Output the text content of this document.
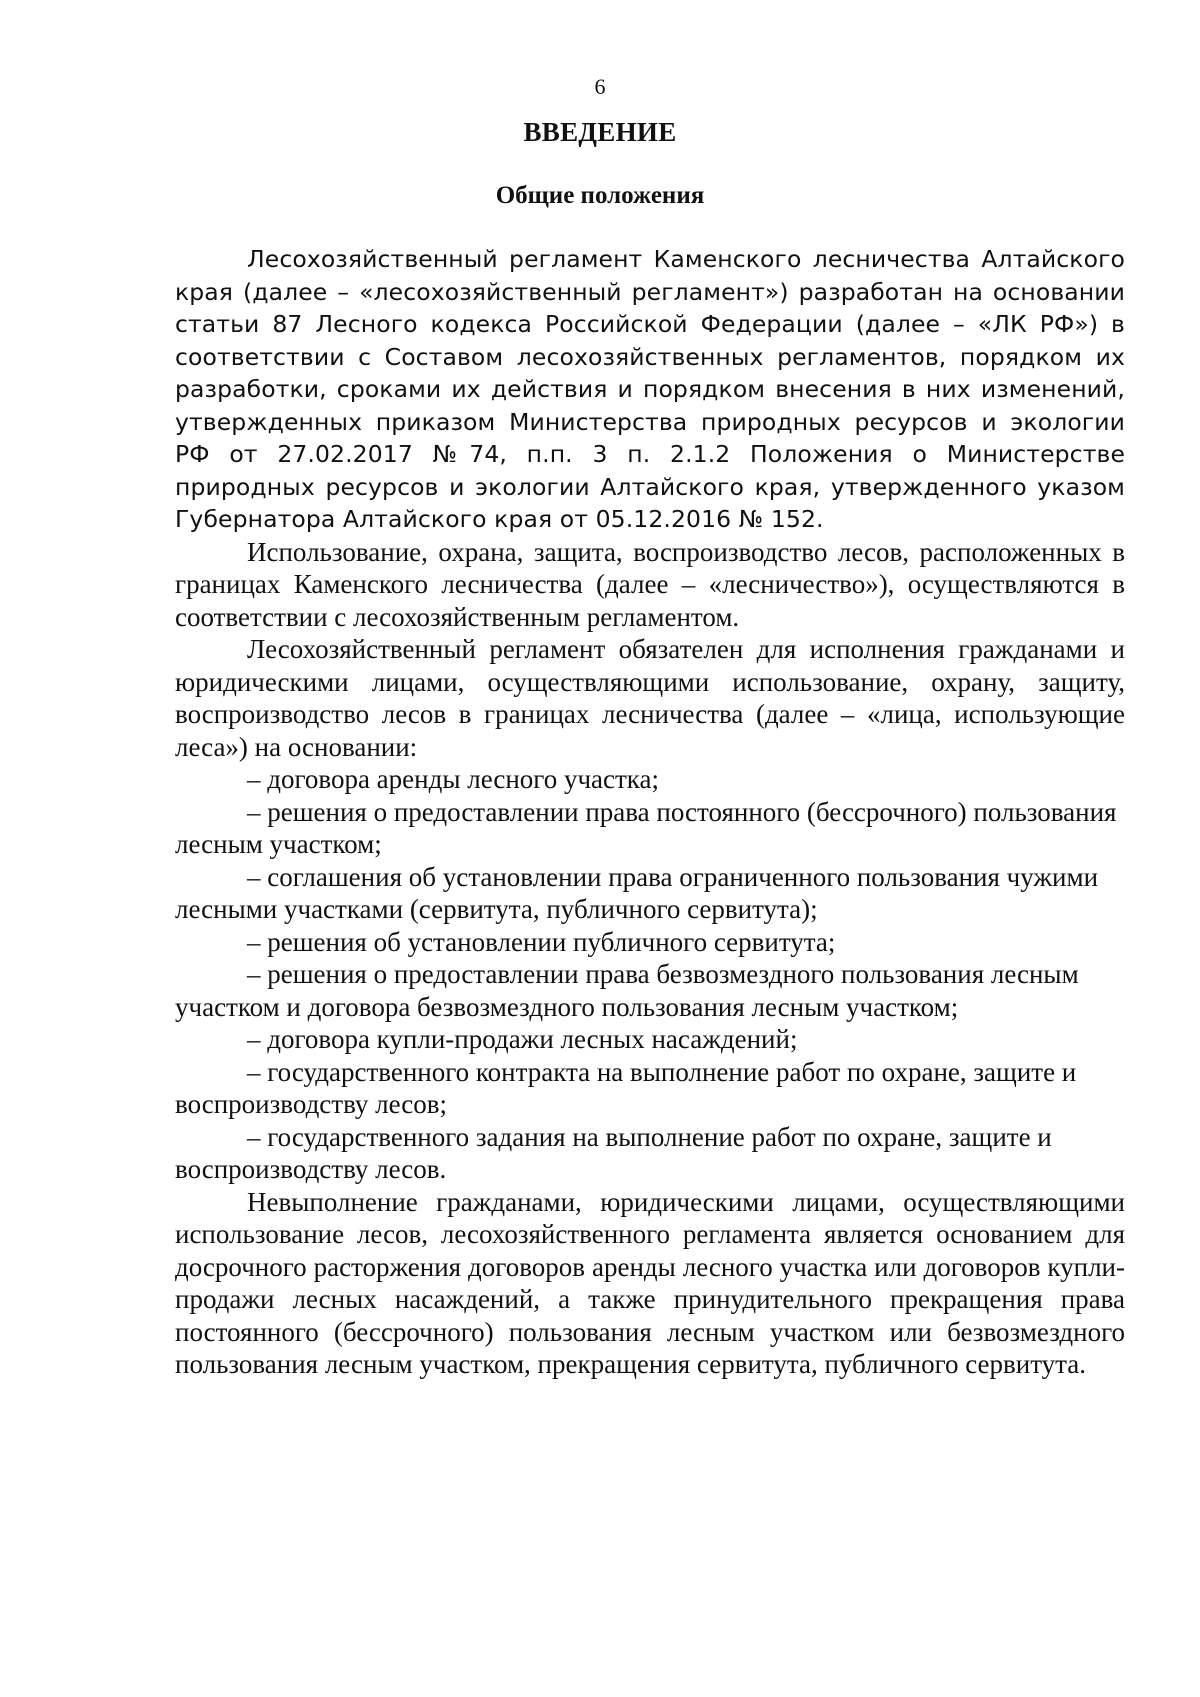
6
ВВЕДЕНИЕ
Общие положения

Лесохозяйственный регламент Каменского лесничества Алтайского края (далее – «лесохозяйственный регламент») разработан на основании статьи 87 Лесного кодекса Российской Федерации (далее – «ЛК РФ») в соответствии с Составом лесохозяйственных регламентов, порядком их разработки, сроками их действия и порядком внесения в них изменений, утвержденных приказом Министерства природных ресурсов и экологии РФ от 27.02.2017 №74, п.п. 3 п. 2.1.2 Положения о Министерстве природных ресурсов и экологии Алтайского края, утвержденного указом Губернатора Алтайского края от 05.12.2016 № 152.

Использование, охрана, защита, воспроизводство лесов, расположенных в границах Каменского лесничества (далее – «лесничество»), осуществляются в соответствии с лесохозяйственным регламентом.

Лесохозяйственный регламент обязателен для исполнения гражданами и юридическими лицами, осуществляющими использование, охрану, защиту, воспроизводство лесов в границах лесничества (далее – «лица, использующие леса») на основании:

– договора аренды лесного участка;

– решения о предоставлении права постоянного (бессрочного) пользования лесным участком;

– соглашения об установлении права ограниченного пользования чужими лесными участками (сервитута, публичного сервитута);

– решения об установлении публичного сервитута;

– решения о предоставлении права безвозмездного пользования лесным участком и договора безвозмездного пользования лесным участком;

– договора купли-продажи лесных насаждений;

– государственного контракта на выполнение работ по охране, защите и воспроизводству лесов;

– государственного задания на выполнение работ по охране, защите и воспроизводству лесов.

Невыполнение гражданами, юридическими лицами, осуществляющими использование лесов, лесохозяйственного регламента является основанием для досрочного расторжения договоров аренды лесного участка или договоров купли-продажи лесных насаждений, а также принудительного прекращения права постоянного (бессрочного) пользования лесным участком или безвозмездного пользования лесным участком, прекращения сервитута, публичного сервитута.
